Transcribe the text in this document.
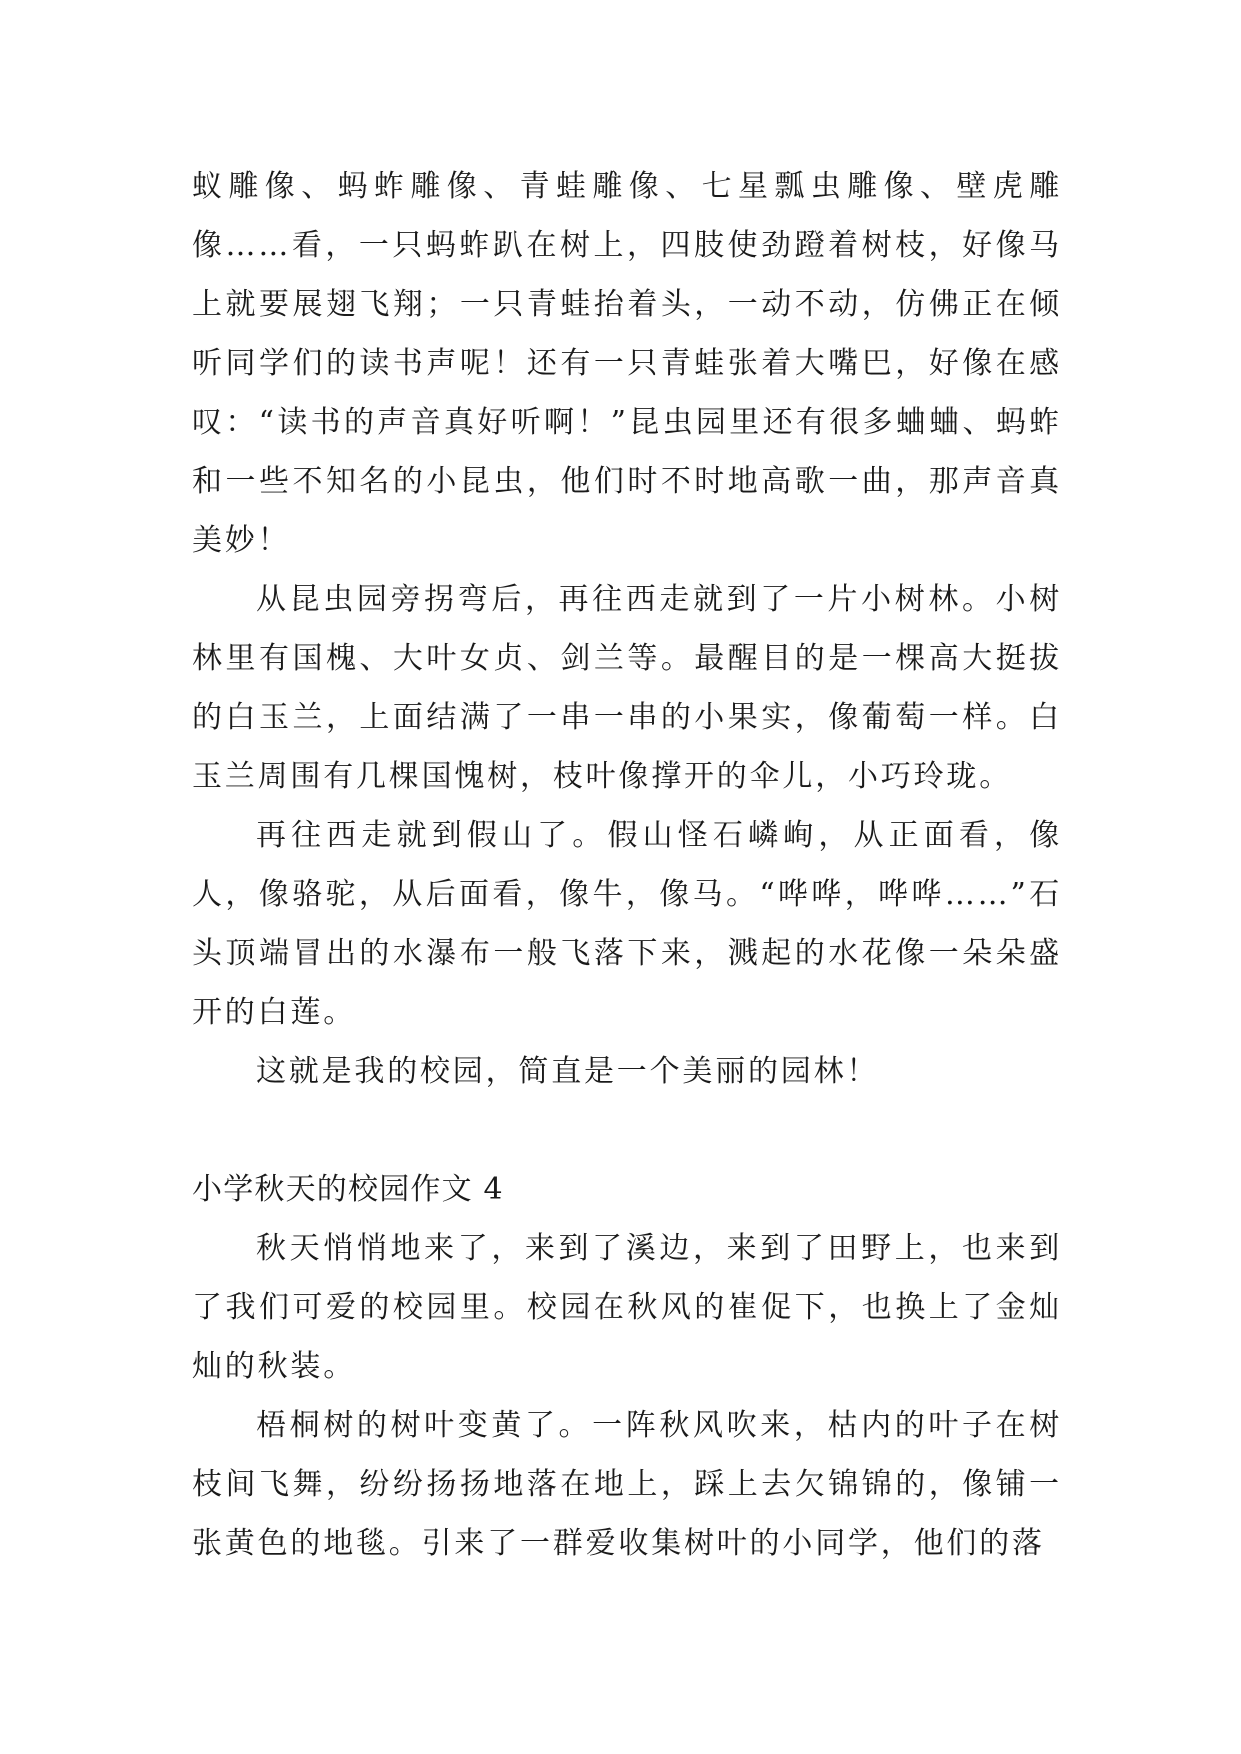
蚁雕像、蚂蚱雕像、青蛙雕像、七星瓢虫雕像、壁虎雕像……看，一只蚂蚱趴在树上，四肢使劲蹬着树枝，好像马上就要展翅飞翔；一只青蛙抬着头，一动不动，仿佛正在倾听同学们的读书声呢！还有一只青蛙张着大嘴巴，好像在感叹：“读书的声音真好听啊！”昆虫园里还有很多蛐蛐、蚂蚱和一些不知名的小昆虫，他们时不时地高歌一曲，那声音真美妙！

从昆虫园旁拐弯后，再往西走就到了一片小树林。小树林里有国槐、大叶女贞、剑兰等。最醒目的是一棵高大挺拔的白玉兰，上面结满了一串一串的小果实，像葡萄一样。白玉兰周围有几棵国愧树，枝叶像撑开的伞儿，小巧玲珑。

再往西走就到假山了。假山怪石嶙峋，从正面看，像人，像骆驼，从后面看，像牛，像马。“哗哗，哗哗……”石头顶端冒出的水瀑布一般飞落下来，溅起的水花像一朵朵盛开的白莲。

这就是我的校园，简直是一个美丽的园林！

小学秋天的校园作文 4

秋天悄悄地来了，来到了溪边，来到了田野上，也来到了我们可爱的校园里。校园在秋风的崔促下，也换上了金灿灿的秋装。

梧桐树的树叶变黄了。一阵秋风吹来，枯内的叶子在树枝间飞舞，纷纷扬扬地落在地上，踩上去欠锦锦的，像铺一张黄色的地毯。引来了一群爱收集树叶的小同学，他们的落
